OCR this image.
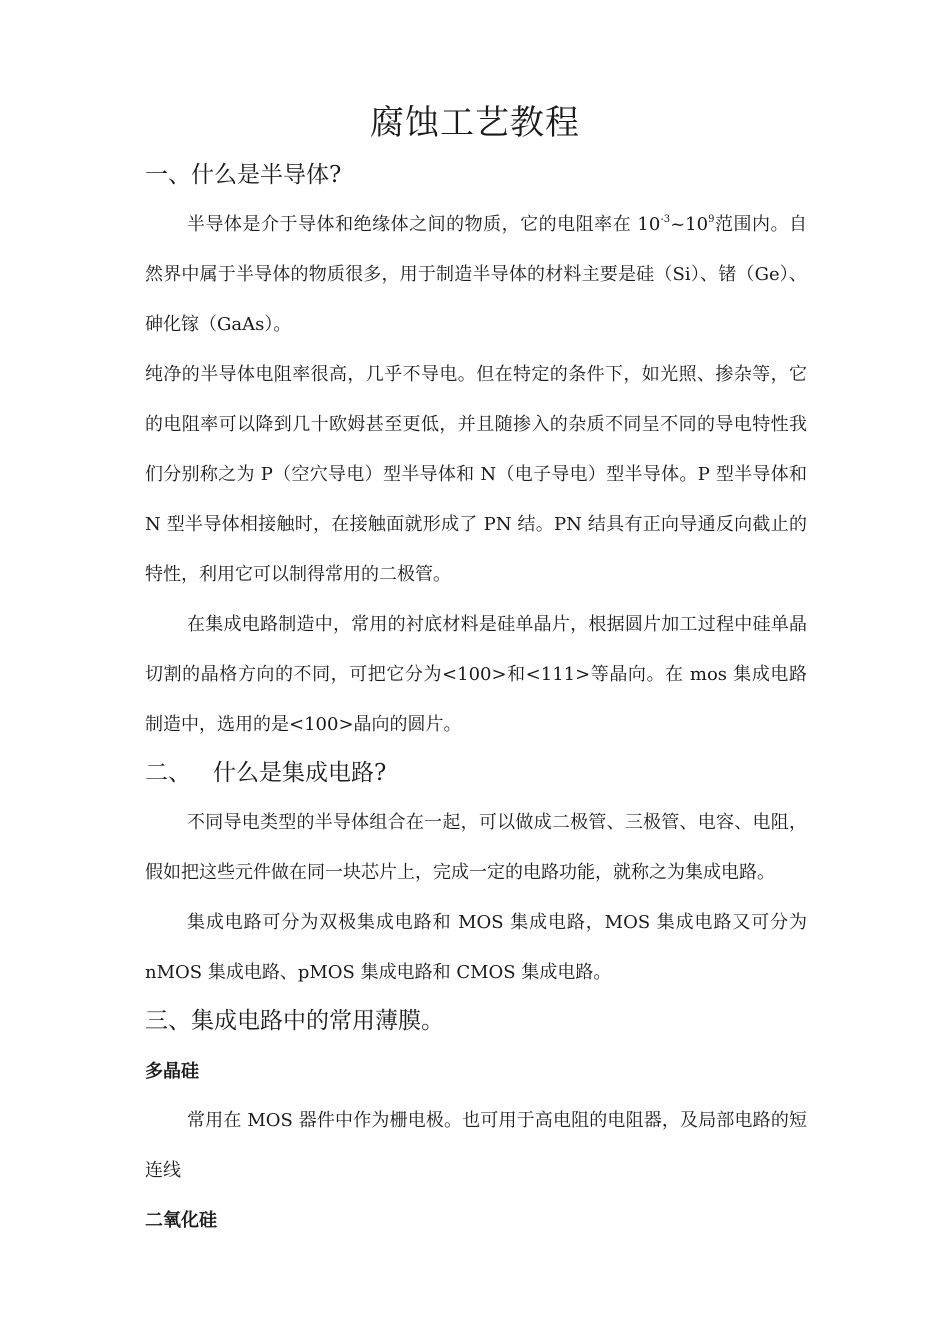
腐蚀工艺教程
一、什么是半导体?
半导体是介于导体和绝缘体之间的物质，它的电阻率在 $10^{-3}\sim 10^9$范围内。自然界中属于半导体的物质很多，用于制造半导体的材料主要是硅（Si）、锗（Ge）、砷化镓（GaAs）。
纯净的半导体电阻率很高，几乎不导电。但在特定的条件下，如光照、掺杂等，它的电阻率可以降到几十欧姆甚至更低，并且随掺入的杂质不同呈不同的导电特性我们分别称之为 P（空穴导电）型半导体和 N（电子导电）型半导体。P 型半导体和 N 型半导体相接触时，在接触面就形成了 PN 结。PN 结具有正向导通反向截止的特性，利用它可以制得常用的二极管。
在集成电路制造中，常用的衬底材料是硅单晶片，根据圆片加工过程中硅单晶切割的晶格方向的不同，可把它分为<100>和<111>等晶向。在 mos 集成电路制造中，选用的是<100>晶向的圆片。
二、 什么是集成电路?
不同导电类型的半导体组合在一起，可以做成二极管、三极管、电容、电阻，假如把这些元件做在同一块芯片上，完成一定的电路功能，就称之为集成电路。
集成电路可分为双极集成电路和 MOS 集成电路，MOS 集成电路又可分为 nMOS 集成电路、pMOS 集成电路和 CMOS 集成电路。
三、集成电路中的常用薄膜。
多晶硅
常用在 MOS 器件中作为栅电极。也可用于高电阻的电阻器，及局部电路的短连线
二氧化硅
